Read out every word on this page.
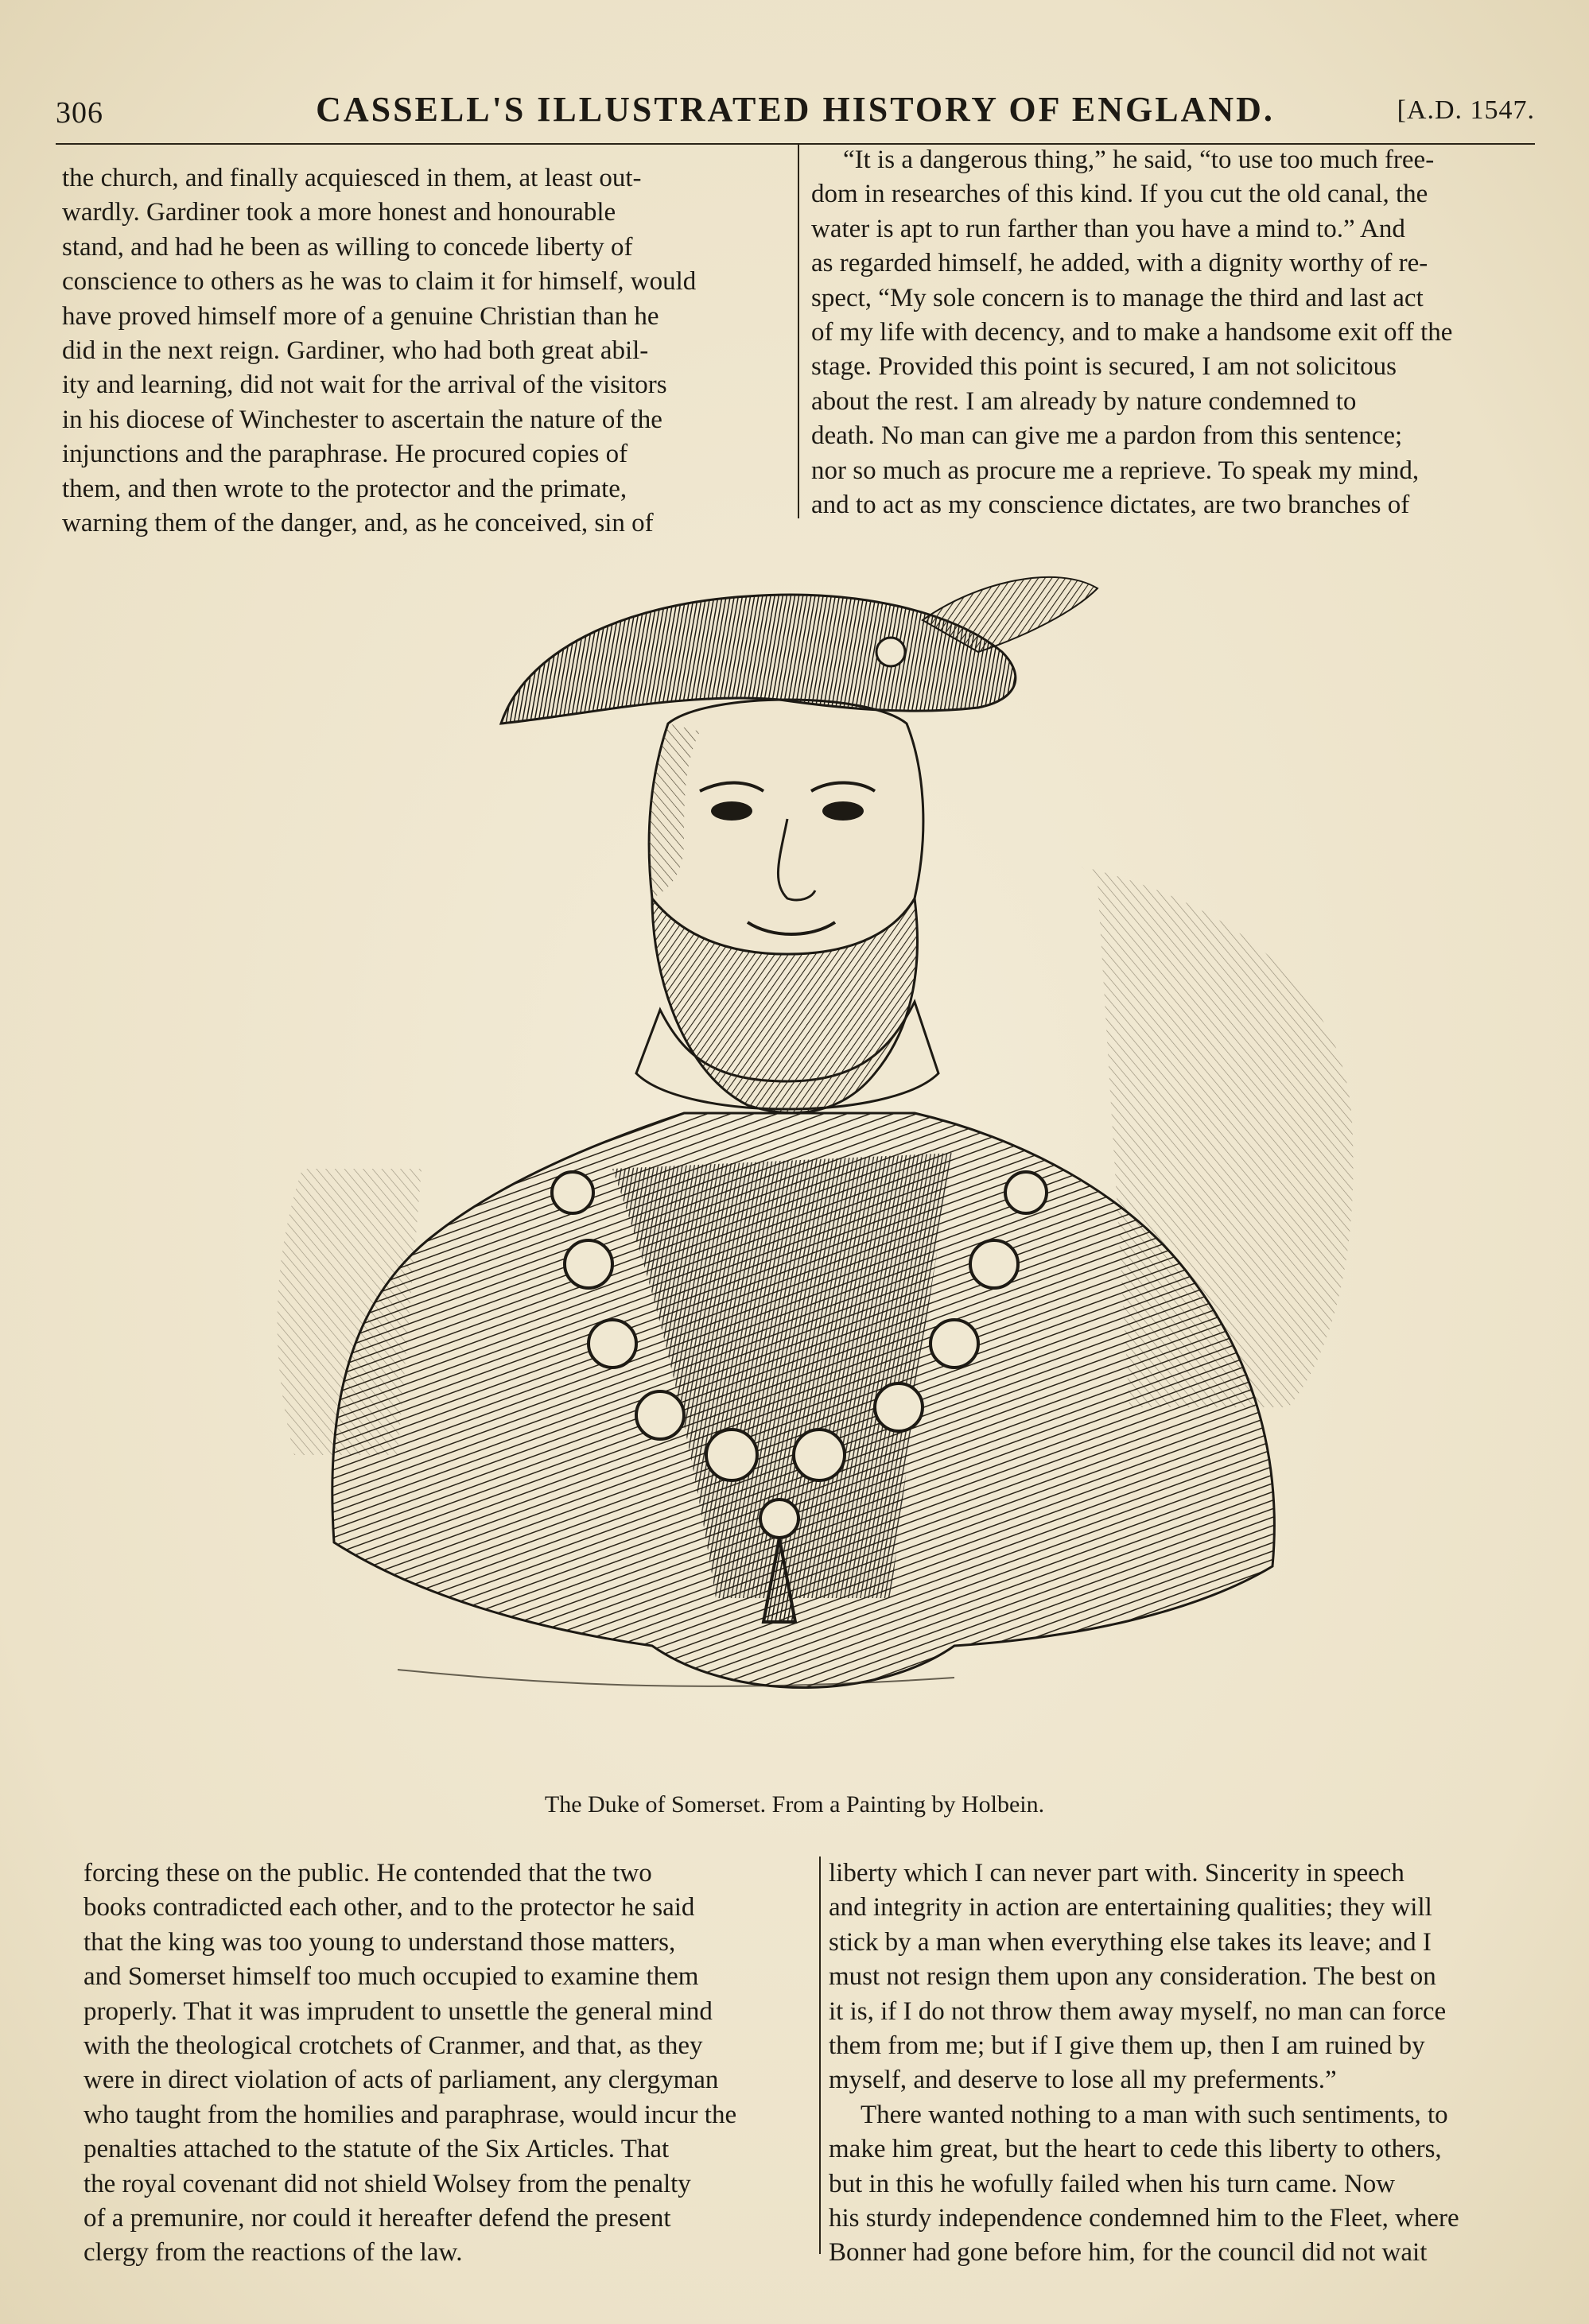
306	CASSELL'S ILLUSTRATED HISTORY OF ENGLAND.	[A.D. 1547.

the church, and finally acquiesced in them, at least out-

wardly. Gardiner took a more honest and honourable

stand, and had he been as willing to concede liberty of

conscience to others as he was to claim it for himself, would

have proved himself more of a genuine Christian than he

did in the next reign. Gardiner, who had both great abil-

ity and learning, did not wait for the arrival of the visitors

in his diocese of Winchester to ascertain the nature of the

injunctions and the paraphrase. He procured copies of

them, and then wrote to the protector and the primate,

warning them of the danger, and, as he conceived, sin of

“It is a dangerous thing,” he said, “to use too much free-

dom in researches of this kind. If you cut the old canal, the

water is apt to run farther than you have a mind to.” And

as regarded himself, he added, with a dignity worthy of re-

spect, “My sole concern is to manage the third and last act

of my life with decency, and to make a handsome exit off the

stage. Provided this point is secured, I am not solicitous

about the rest. I am already by nature condemned to

death. No man can give me a pardon from this sentence;

nor so much as procure me a reprieve. To speak my mind,

and to act as my conscience dictates, are two branches of

The Duke of Somerset. From a Painting by Holbein.

forcing these on the public. He contended that the two

books contradicted each other, and to the protector he said

that the king was too young to understand those matters,

and Somerset himself too much occupied to examine them

properly. That it was imprudent to unsettle the general mind

with the theological crotchets of Cranmer, and that, as they

were in direct violation of acts of parliament, any clergyman

who taught from the homilies and paraphrase, would incur the

penalties attached to the statute of the Six Articles. That

the royal covenant did not shield Wolsey from the penalty

of a premunire, nor could it hereafter defend the present

clergy from the reactions of the law.

liberty which I can never part with. Sincerity in speech

and integrity in action are entertaining qualities; they will

stick by a man when everything else takes its leave; and I

must not resign them upon any consideration. The best on

it is, if I do not throw them away myself, no man can force

them from me; but if I give them up, then I am ruined by

myself, and deserve to lose all my preferments.”

There wanted nothing to a man with such sentiments, to

make him great, but the heart to cede this liberty to others,

but in this he wofully failed when his turn came. Now

his sturdy independence condemned him to the Fleet, where

Bonner had gone before him, for the council did not wait
